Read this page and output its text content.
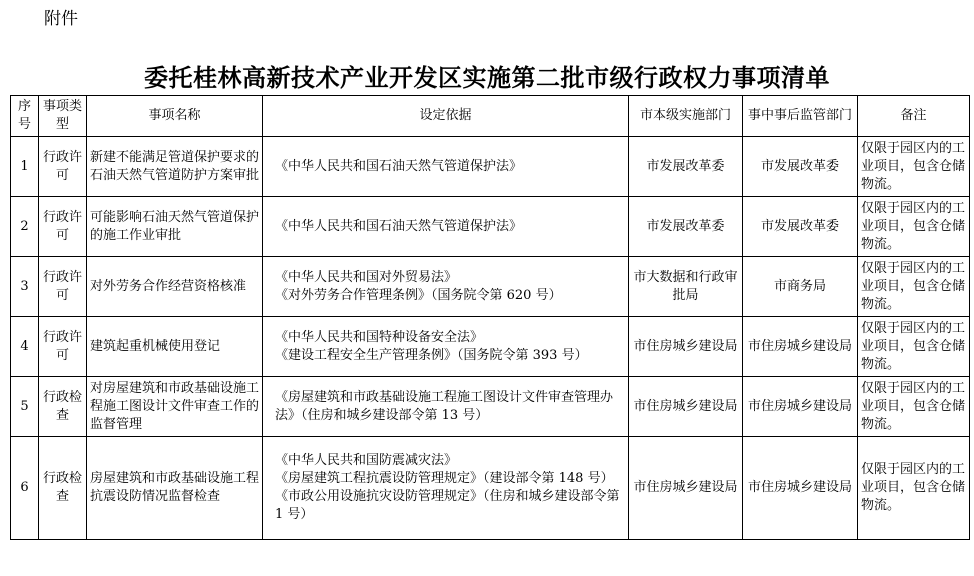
附件
委托桂林高新技术产业开发区实施第二批市级行政权力事项清单
序号	事项类型	事项名称	设定依据	市本级实施部门	事中事后监管部门	备注
1	行政许可	新建不能满足管道保护要求的石油天然气管道防护方案审批	《中华人民共和国石油天然气管道保护法》	市发展改革委	市发展改革委	仅限于园区内的工业项目，包含仓储物流。
2	行政许可	可能影响石油天然气管道保护的施工作业审批	《中华人民共和国石油天然气管道保护法》	市发展改革委	市发展改革委	仅限于园区内的工业项目，包含仓储物流。
3	行政许可	对外劳务合作经营资格核准	《中华人民共和国对外贸易法》
《对外劳务合作管理条例》（国务院令第 620 号）	市大数据和行政审批局	市商务局	仅限于园区内的工业项目，包含仓储物流。
4	行政许可	建筑起重机械使用登记	《中华人民共和国特种设备安全法》
《建设工程安全生产管理条例》（国务院令第 393 号）	市住房城乡建设局	市住房城乡建设局	仅限于园区内的工业项目，包含仓储物流。
5	行政检查	对房屋建筑和市政基础设施工程施工图设计文件审查工作的监督管理	《房屋建筑和市政基础设施工程施工图设计文件审查管理办法》（住房和城乡建设部令第 13 号）	市住房城乡建设局	市住房城乡建设局	仅限于园区内的工业项目，包含仓储物流。
6	行政检查	房屋建筑和市政基础设施工程抗震设防情况监督检查	《中华人民共和国防震减灾法》
《房屋建筑工程抗震设防管理规定》（建设部令第 148 号）
《市政公用设施抗灾设防管理规定》（住房和城乡建设部令第 1 号）	市住房城乡建设局	市住房城乡建设局	仅限于园区内的工业项目，包含仓储物流。
